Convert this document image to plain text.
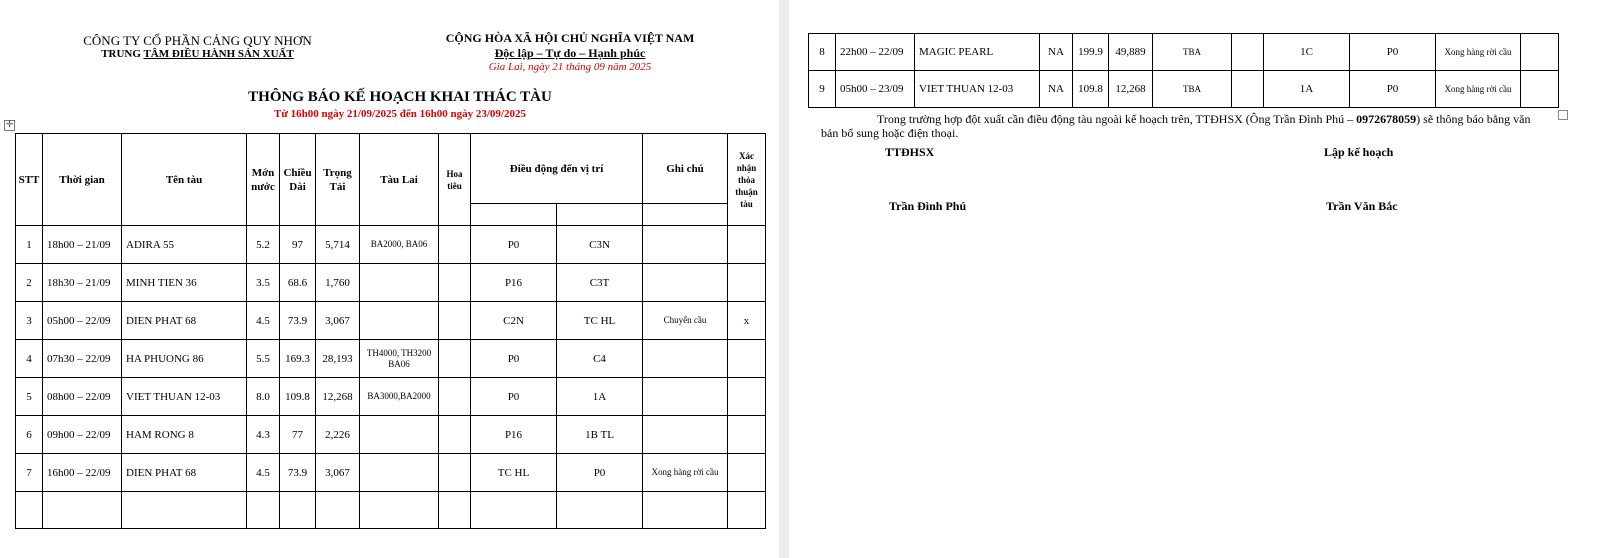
CÔNG TY CỔ PHẦN CẢNG QUY NHƠN
TRUNG TÂM ĐIỀU HÀNH SẢN XUẤT
CỘNG HÒA XÃ HỘI CHỦ NGHĨA VIỆT NAM
Độc lập – Tự do – Hạnh phúc
Gia Lai, ngày 21 tháng 09 năm 2025
THÔNG BÁO KẾ HOẠCH KHAI THÁC TÀU
Từ 16h00 ngày 21/09/2025 đến 16h00 ngày 23/09/2025
✛
STT	Thời gian	Tên tàu	Mớn nước	Chiều Dài	Trọng Tải	Tàu Lai	Hoa tiêu	Điều động đến vị trí		Ghi chú	Xác nhận thỏa thuận tàu

1	18h00 – 21/09	ADIRA 55	5.2	97	5,714	BA2000, BA06		P0	C3N		
2	18h30 – 21/09	MINH TIEN 36	3.5	68.6	1,760			P16	C3T		
3	05h00 – 22/09	DIEN PHAT 68	4.5	73.9	3,067			C2N	TC HL	Chuyển cầu	x
4	07h30 – 22/09	HA PHUONG 86	5.5	169.3	28,193	TH4000, TH3200 BA06		P0	C4		
5	08h00 – 22/09	VIET THUAN 12-03	8.0	109.8	12,268	BA3000,BA2000		P0	1A		
6	09h00 – 22/09	HAM RONG 8	4.3	77	2,226			P16	1B TL		
7	16h00 – 22/09	DIEN PHAT 68	4.5	73.9	3,067			TC HL	P0	Xong hàng rời cầu	

8	22h00 – 22/09	MAGIC PEARL	NA	199.9	49,889	TBA		1C	P0	Xong hàng rời cầu	
9	05h00 – 23/09	VIET THUAN 12-03	NA	109.8	12,268	TBA		1A	P0	Xong hàng rời cầu	
Trong trường hợp đột xuất cần điều động tàu ngoài kế hoạch trên, TTĐHSX (Ông Trần Đình Phú – 0972678059) sẽ thông báo bằng văn bản bổ sung hoặc điện thoại.
TTĐHSX	Lập kế hoạch
Trần Đình Phú	Trần Văn Bắc
